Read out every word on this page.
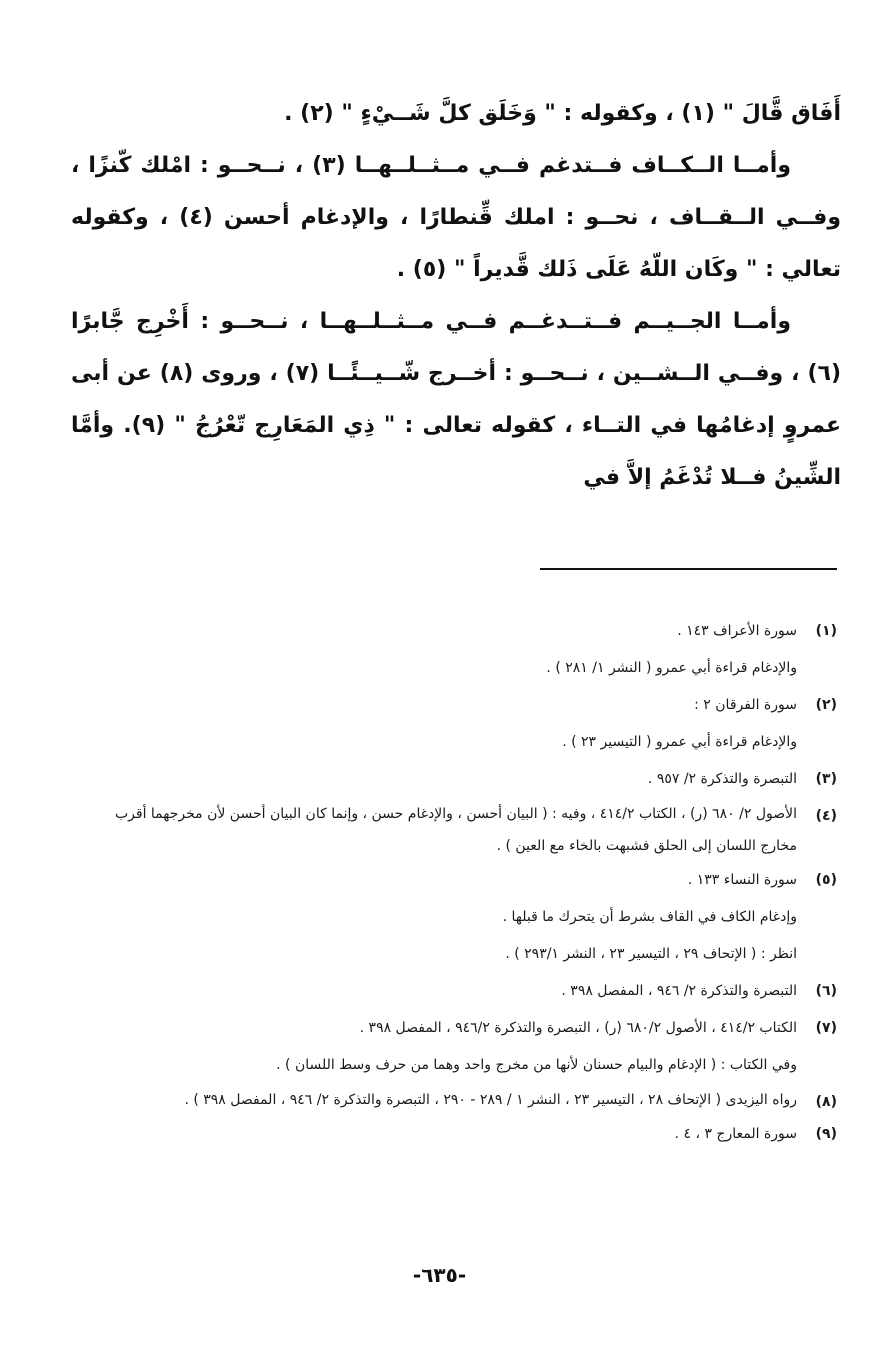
أَفَاق قَّالَ " (١) ، وكقوله : " وَخَلَق كلَّ شَــيْءٍ " (٢) .

وأمــا الــكــاف فــتدغم فــي مــثــلــهــا (٣) ، نــحــو : امْلك كّنزًا ، وفــي الــقــاف ، نحــو : املك قِّنطارًا ، والإدغام أحسن (٤) ، وكقوله تعالي : " وكَان اللّهُ عَلَى ذَلك قَّديراً " (٥) .

وأمــا الجــيــم فــتــدغــم فــي مــثــلــهــا ، نــحــو : أَخْرِج جَّابرًا (٦) ، وفــي الــشــين ، نــحــو : أخــرج شّــيــئًــا (٧) ، وروى (٨) عن أبى عمروٍ إدغامُها في التــاء ، كقوله تعالى : " ذِي المَعَارِج تّعْرُجُ " (٩). وأمَّا الشِّينُ فــلا تُدْغَمُ إلاَّ في

(١)
سورة الأعراف ١٤٣ .
والإدغام قراءة أبي عمرو ( النشر ١/ ٢٨١ ) .
(٢)
سورة الفرقان ٢ :
والإدغام قراءة أبي عمرو ( التيسير ٢٣ ) .
(٣)
التبصرة والتذكرة ٢/ ٩٥٧ .
(٤)
الأصول ٢/ ٦٨٠ (ر) ، الكتاب ٤١٤/٢ ، وفيه : ( البيان أحسن ، والإدغام حسن ، وإنما كان البيان أحسن لأن مخرجهما أقرب مخارج اللسان إلى الحلق فشبهت بالخاء مع العين ) .
(٥)
سورة النساء ١٣٣ .
وإدغام الكاف في القاف بشرط أن يتحرك ما قبلها .
انظر : ( الإتحاف ٢٩ ، التيسير ٢٣ ، النشر ٢٩٣/١ ) .
(٦)
التبصرة والتذكرة ٢/ ٩٤٦ ، المفصل ٣٩٨ .
(٧)
الكتاب ٤١٤/٢ ، الأصول ٦٨٠/٢ (ر) ، التبصرة والتذكرة ٩٤٦/٢ ، المفصل ٣٩٨ .
وفي الكتاب : ( الإدغام والبيام حسنان لأنها من مخرج واحد وهما من حرف وسط اللسان ) .
(٨)
رواه اليزيدى ( الإتحاف ٢٨ ، التيسير ٢٣ ، النشر ١ / ٢٨٩ - ٢٩٠ ، التبصرة والتذكرة ٢/ ٩٤٦ ، المفصل ٣٩٨ ) .
(٩)
سورة المعارج ٣ ، ٤ .
-٦٣٥-
